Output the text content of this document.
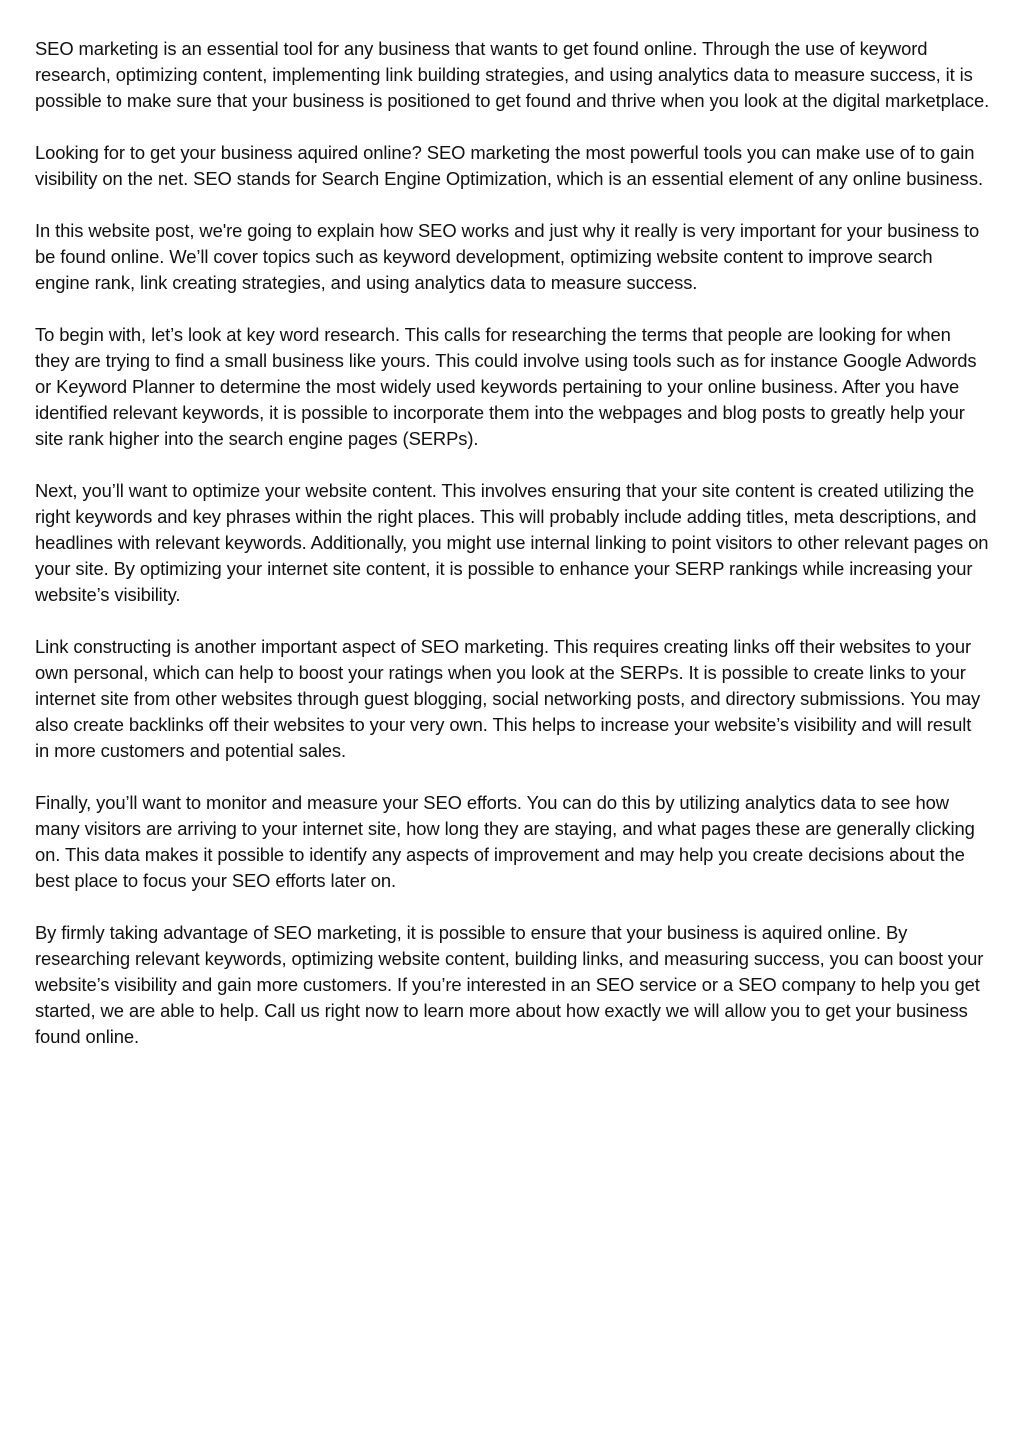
SEO marketing is an essential tool for any business that wants to get found online. Through the use of keyword research, optimizing content, implementing link building strategies, and using analytics data to measure success, it is possible to make sure that your business is positioned to get found and thrive when you look at the digital marketplace.

Looking for to get your business aquired online? SEO marketing the most powerful tools you can make use of to gain visibility on the net. SEO stands for Search Engine Optimization, which is an essential element of any online business.

In this website post, we're going to explain how SEO works and just why it really is very important for your business to be found online. We’ll cover topics such as keyword development, optimizing website content to improve search engine rank, link creating strategies, and using analytics data to measure success.

To begin with, let’s look at key word research. This calls for researching the terms that people are looking for when they are trying to find a small business like yours. This could involve using tools such as for instance Google Adwords or Keyword Planner to determine the most widely used keywords pertaining to your online business. After you have identified relevant keywords, it is possible to incorporate them into the webpages and blog posts to greatly help your site rank higher into the search engine pages (SERPs).

Next, you’ll want to optimize your website content. This involves ensuring that your site content is created utilizing the right keywords and key phrases within the right places. This will probably include adding titles, meta descriptions, and headlines with relevant keywords. Additionally, you might use internal linking to point visitors to other relevant pages on your site. By optimizing your internet site content, it is possible to enhance your SERP rankings while increasing your website’s visibility.

Link constructing is another important aspect of SEO marketing. This requires creating links off their websites to your own personal, which can help to boost your ratings when you look at the SERPs. It is possible to create links to your internet site from other websites through guest blogging, social networking posts, and directory submissions. You may also create backlinks off their websites to your very own. This helps to increase your website’s visibility and will result in more customers and potential sales.

Finally, you’ll want to monitor and measure your SEO efforts. You can do this by utilizing analytics data to see how many visitors are arriving to your internet site, how long they are staying, and what pages these are generally clicking on. This data makes it possible to identify any aspects of improvement and may help you create decisions about the best place to focus your SEO efforts later on.

By firmly taking advantage of SEO marketing, it is possible to ensure that your business is aquired online. By researching relevant keywords, optimizing website content, building links, and measuring success, you can boost your website’s visibility and gain more customers. If you’re interested in an SEO service or a SEO company to help you get started, we are able to help. Call us right now to learn more about how exactly we will allow you to get your business found online.
